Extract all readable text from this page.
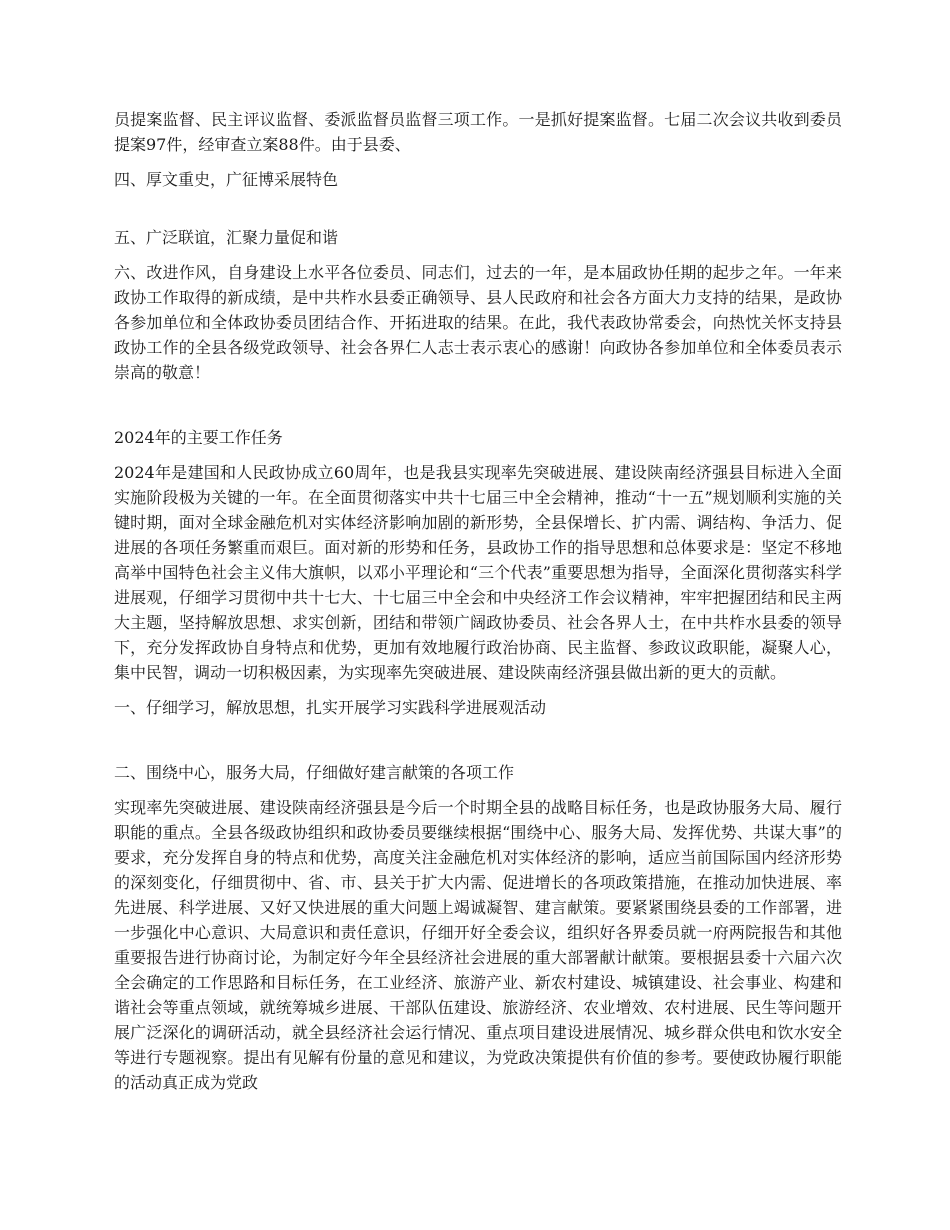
员提案监督、民主评议监督、委派监督员监督三项工作。一是抓好提案监督。七届二次会议共收到委员提案97件，经审查立案88件。由于县委、

四、厚文重史，广征博采展特色

五、广泛联谊，汇聚力量促和谐

六、改进作风，自身建设上水平各位委员、同志们，过去的一年，是本届政协任期的起步之年。一年来政协工作取得的新成绩，是中共柞水县委正确领导、县人民政府和社会各方面大力支持的结果，是政协各参加单位和全体政协委员团结合作、开拓进取的结果。在此，我代表政协常委会，向热忱关怀支持县政协工作的全县各级党政领导、社会各界仁人志士表示衷心的感谢！向政协各参加单位和全体委员表示崇高的敬意！

2024年的主要工作任务

2024年是建国和人民政协成立60周年，也是我县实现率先突破进展、建设陕南经济强县目标进入全面实施阶段极为关键的一年。在全面贯彻落实中共十七届三中全会精神，推动“十一五”规划顺利实施的关键时期，面对全球金融危机对实体经济影响加剧的新形势，全县保增长、扩内需、调结构、争活力、促进展的各项任务繁重而艰巨。面对新的形势和任务，县政协工作的指导思想和总体要求是：坚定不移地高举中国特色社会主义伟大旗帜，以邓小平理论和“三个代表”重要思想为指导，全面深化贯彻落实科学进展观，仔细学习贯彻中共十七大、十七届三中全会和中央经济工作会议精神，牢牢把握团结和民主两大主题，坚持解放思想、求实创新，团结和带领广阔政协委员、社会各界人士，在中共柞水县委的领导下，充分发挥政协自身特点和优势，更加有效地履行政治协商、民主监督、参政议政职能，凝聚人心，集中民智，调动一切积极因素，为实现率先突破进展、建设陕南经济强县做出新的更大的贡献。

一、仔细学习，解放思想，扎实开展学习实践科学进展观活动

二、围绕中心，服务大局，仔细做好建言献策的各项工作

实现率先突破进展、建设陕南经济强县是今后一个时期全县的战略目标任务，也是政协服务大局、履行职能的重点。全县各级政协组织和政协委员要继续根据“围绕中心、服务大局、发挥优势、共谋大事”的要求，充分发挥自身的特点和优势，高度关注金融危机对实体经济的影响，适应当前国际国内经济形势的深刻变化，仔细贯彻中、省、市、县关于扩大内需、促进增长的各项政策措施，在推动加快进展、率先进展、科学进展、又好又快进展的重大问题上竭诚凝智、建言献策。要紧紧围绕县委的工作部署，进一步强化中心意识、大局意识和责任意识，仔细开好全委会议，组织好各界委员就一府两院报告和其他重要报告进行协商讨论，为制定好今年全县经济社会进展的重大部署献计献策。要根据县委十六届六次全会确定的工作思路和目标任务，在工业经济、旅游产业、新农村建设、城镇建设、社会事业、构建和谐社会等重点领域，就统筹城乡进展、干部队伍建设、旅游经济、农业增效、农村进展、民生等问题开展广泛深化的调研活动，就全县经济社会运行情况、重点项目建设进展情况、城乡群众供电和饮水安全等进行专题视察。提出有见解有份量的意见和建议，为党政决策提供有价值的参考。要使政协履行职能的活动真正成为党政
